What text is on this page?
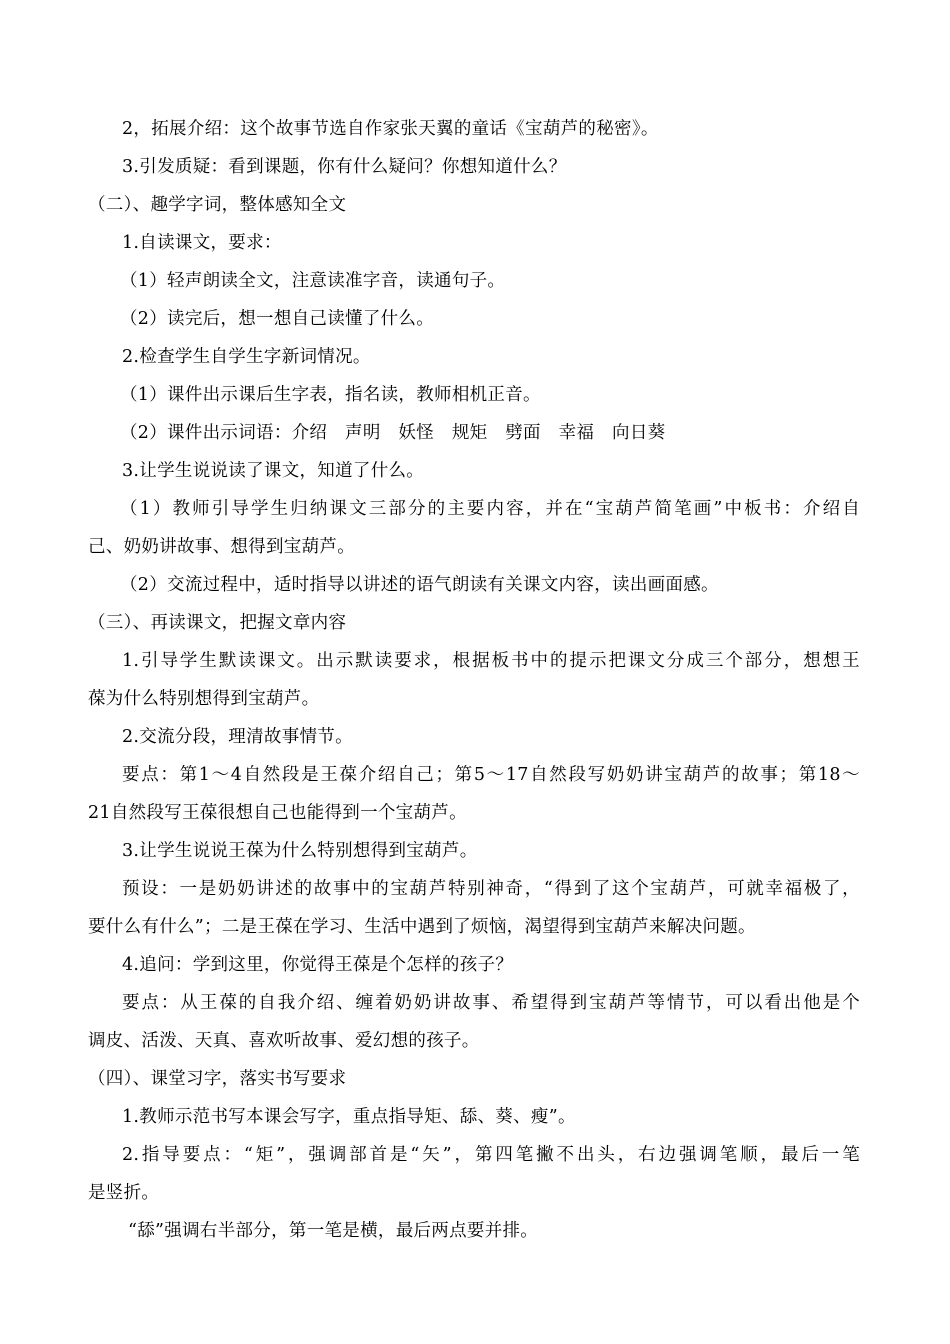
2，拓展介绍：这个故事节选自作家张天翼的童话《宝葫芦的秘密》。
3.引发质疑：看到课题，你有什么疑问？你想知道什么？
（二）、趣学字词，整体感知全文
1.自读课文，要求：
（1）轻声朗读全文，注意读准字音，读通句子。
（2）读完后，想一想自己读懂了什么。
2.检查学生自学生字新词情况。
（1）课件出示课后生字表，指名读，教师相机正音。
（2）课件出示词语：介绍　声明　妖怪　规矩　劈面　幸福　向日葵
3.让学生说说读了课文，知道了什么。
（1）教师引导学生归纳课文三部分的主要内容，并在“宝葫芦简笔画”中板书：介绍自
己、奶奶讲故事、想得到宝葫芦。
（2）交流过程中，适时指导以讲述的语气朗读有关课文内容，读出画面感。
（三）、再读课文，把握文章内容
1.引导学生默读课文。出示默读要求，根据板书中的提示把课文分成三个部分，想想王
葆为什么特别想得到宝葫芦。
2.交流分段，理清故事情节。
要点：第1～4自然段是王葆介绍自己；第5～17自然段写奶奶讲宝葫芦的故事；第18～
21自然段写王葆很想自己也能得到一个宝葫芦。
3.让学生说说王葆为什么特别想得到宝葫芦。
预设：一是奶奶讲述的故事中的宝葫芦特别神奇，“得到了这个宝葫芦，可就幸福极了，
要什么有什么”；二是王葆在学习、生活中遇到了烦恼，渴望得到宝葫芦来解决问题。
4.追问：学到这里，你觉得王葆是个怎样的孩子？
要点：从王葆的自我介绍、缠着奶奶讲故事、希望得到宝葫芦等情节，可以看出他是个
调皮、活泼、天真、喜欢听故事、爱幻想的孩子。
（四）、课堂习字，落实书写要求
1.教师示范书写本课会写字，重点指导矩、舔、葵、瘦”。
2.指导要点：“矩”，强调部首是“矢”，第四笔撇不出头，右边强调笔顺，最后一笔
是竖折。
“舔”强调右半部分，第一笔是横，最后两点要并排。
